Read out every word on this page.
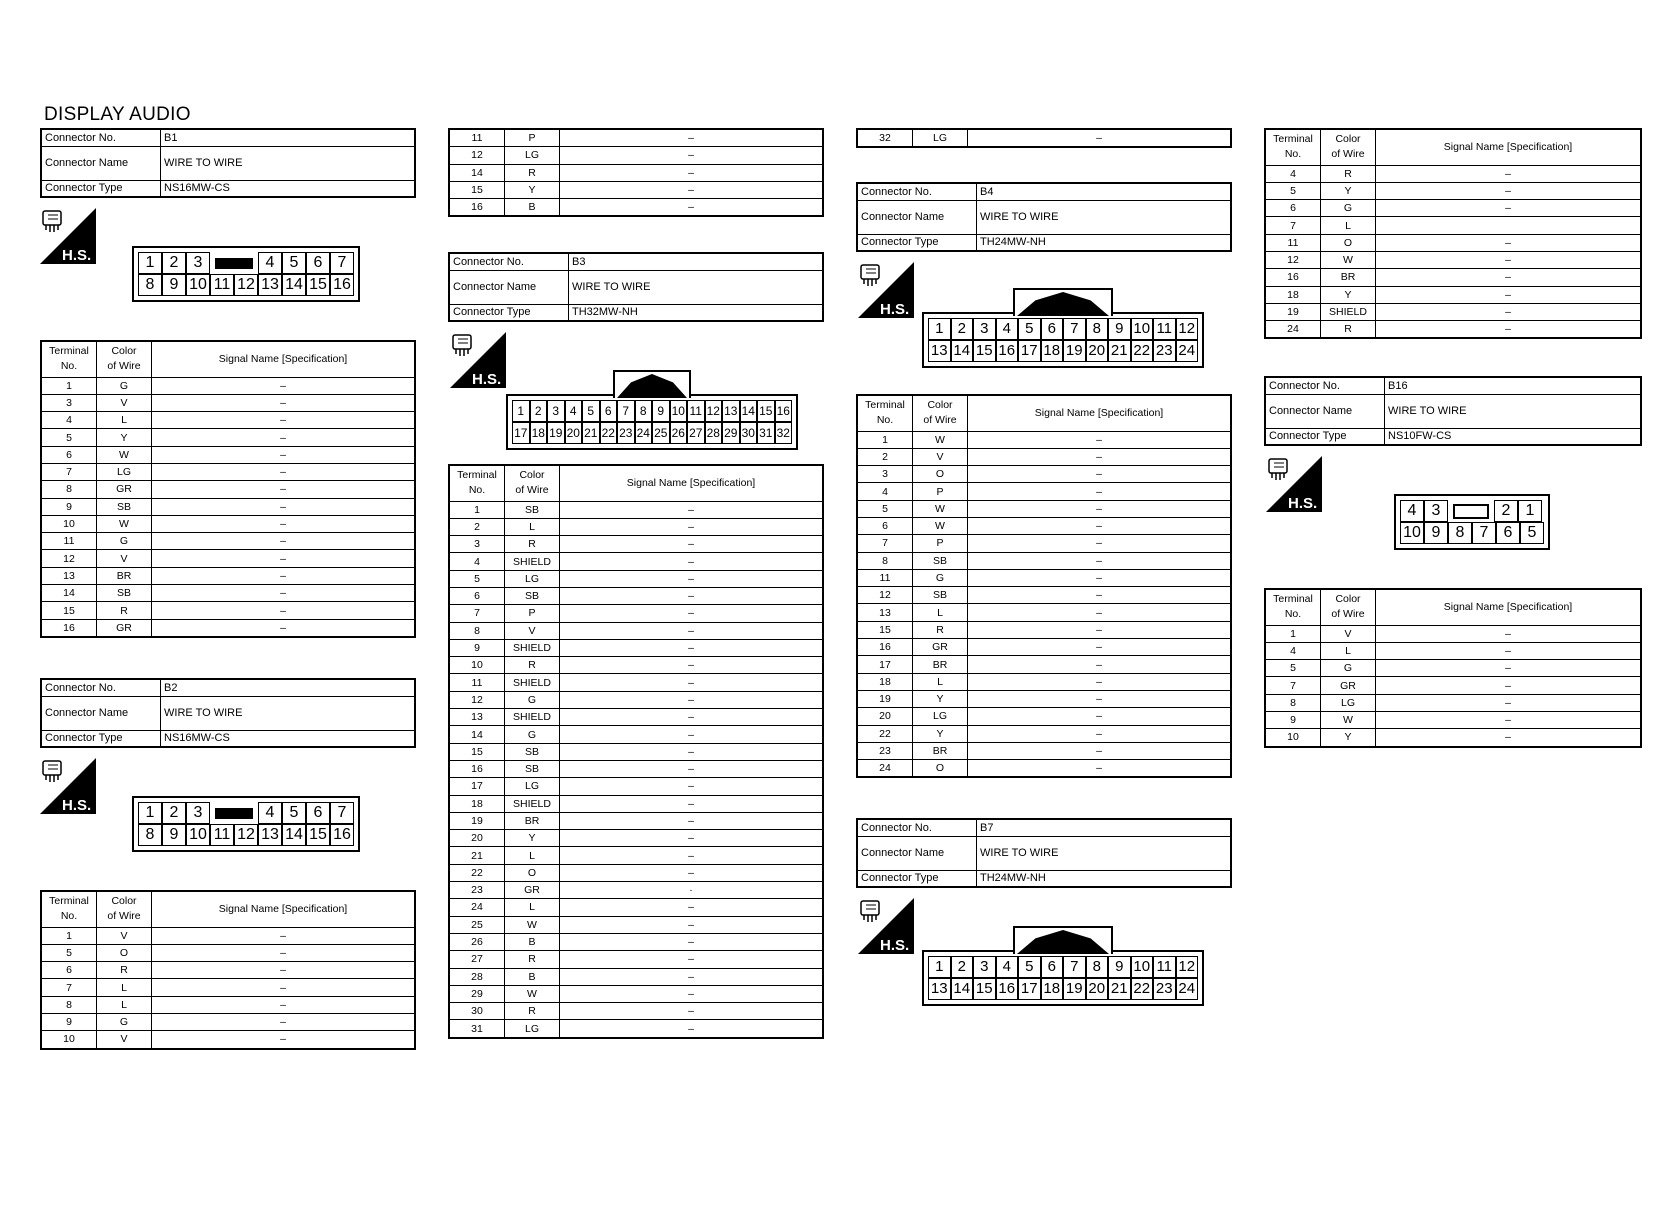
DISPLAY AUDIO
Connector No.	B1
Connector Name	WIRE TO WIRE
Connector Type	NS16MW-CS
H.S.	1 2 3	4 5 6 7
8 9 10 11 12 13 14 15 16
Terminal
No.	Color
of Wire	Signal Name [Specification]
1	G	–
3	V	–
4	L	–
5	Y	–
6	W	–
7	LG	–
8	GR	–
9	SB	–
10	W	–
11	G	–
12	V	–
13	BR	–
14	SB	–
15	R	–
16	GR	–
Connector No.	B2
Connector Name	WIRE TO WIRE
Connector Type	NS16MW-CS
H.S.	1 2 3	4 5 6 7
8 9 10 11 12 13 14 15 16
Terminal
No.	Color
of Wire	Signal Name [Specification]
1	V	–
5	O	–
6	R	–
7	L	–
8	L	–
9	G	–
10	V	–
11	P	–
12	LG	–
14	R	–
15	Y	–
16	B	–
Connector No.	B3
Connector Name	WIRE TO WIRE
Connector Type	TH32MW-NH
H.S.
1 2 3 4 5 6 7 8 9 10 11 12 13 14 15 16
17 18 19 20 21 22 23 24 25 26 27 28 29 30 31 32
Terminal
No.	Color
of Wire	Signal Name [Specification]
1	SB	–
2	L	–
3	R	–
4	SHIELD	–
5	LG	–
6	SB	–
7	P	–
8	V	–
9	SHIELD	–
10	R	–
11	SHIELD	–
12	G	–
13	SHIELD	–
14	G	–
15	SB	–
16	SB	–
17	LG	–
18	SHIELD	–
19	BR	–
20	Y	–
21	L	–
22	O	–
23	GR	·
24	L	–
25	W	–
26	B	–
27	R	–
28	B	–
29	W	–
30	R	–
31	LG	–
32	LG	–
Connector No.	B4
Connector Name	WIRE TO WIRE
Connector Type	TH24MW-NH
H.S.
1 2 3 4 5 6 7 8 9 10 11 12
13 14 15 16 17 18 19 20 21 22 23 24
Terminal
No.	Color
of Wire	Signal Name [Specification]
1	W	–
2	V	–
3	O	–
4	P	–
5	W	–
6	W	–
7	P	–
8	SB	–
11	G	–
12	SB	–
13	L	–
15	R	–
16	GR	–
17	BR	–
18	L	–
19	Y	–
20	LG	–
22	Y	–
23	BR	–
24	O	–
Connector No.	B7
Connector Name	WIRE TO WIRE
Connector Type	TH24MW-NH
H.S.
1 2 3 4 5 6 7 8 9 10 11 12
13 14 15 16 17 18 19 20 21 22 23 24
Terminal
No.	Color
of Wire	Signal Name [Specification]
4	R	–
5	Y	–
6	G	–
7	L	
11	O	–
12	W	–
16	BR	–
18	Y	–
19	SHIELD	–
24	R	–
Connector No.	B16
Connector Name	WIRE TO WIRE
Connector Type	NS10FW-CS
H.S.	4 3	2 1
10 9 8 7 6 5
Terminal
No.	Color
of Wire	Signal Name [Specification]
1	V	–
4	L	–
5	G	–
7	GR	–
8	LG	–
9	W	–
10	Y	–
